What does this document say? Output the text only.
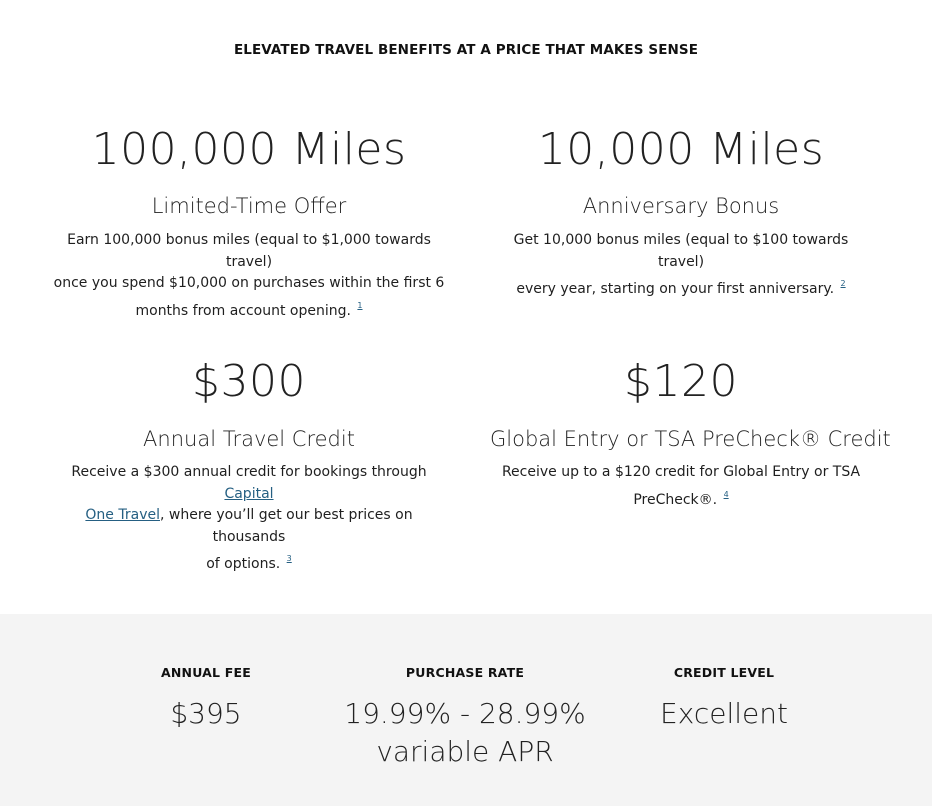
ELEVATED TRAVEL BENEFITS AT A PRICE THAT MAKES SENSE
100,000 Miles
Limited-Time Offer
Earn 100,000 bonus miles (equal to $1,000 towards travel)
once you spend $10,000 on purchases within the first 6
months from account opening. $^1$
10,000 Miles
Anniversary Bonus
Get 10,000 bonus miles (equal to $100 towards travel)
every year, starting on your first anniversary. $^2$
$300
Annual Travel Credit
Receive a $300 annual credit for bookings through Capital
One Travel, where you’ll get our best prices on thousands
of options. $^3$
$120
Global Entry or TSA PreCheck® Credit
Receive up to a $120 credit for Global Entry or TSA
PreCheck®. $^4$
ANNUAL FEE
$395
PURCHASE RATE
19.99% - 28.99%
variable APR
CREDIT LEVEL
Excellent
